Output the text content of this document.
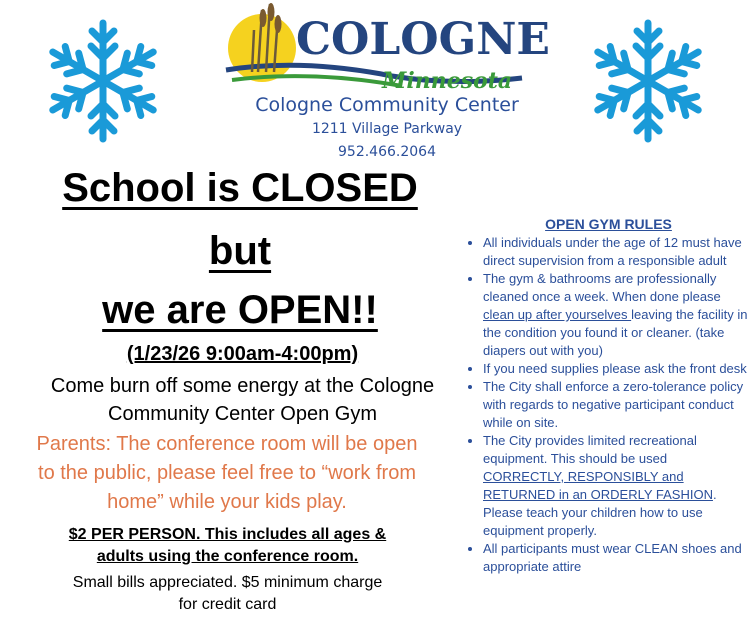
COLOGNE
Minnesota
Cologne Community Center
1211 Village Parkway
952.466.2064
School is CLOSED
but
we are OPEN!!
(1/23/26 9:00am-4:00pm)
Come burn off some energy at the Cologne
Community Center Open Gym
Parents: The conference room will be open
to the public, please feel free to “work from
home” while your kids play.
$2 PER PERSON. This includes all ages &
adults using the conference room.
Small bills appreciated. $5 minimum charge
for credit card
OPEN GYM RULES
• All individuals under the age of 12 must have direct supervision from a responsible adult
• The gym & bathrooms are professionally cleaned once a week. When done please clean up after yourselves leaving the facility in the condition you found it or cleaner. (take diapers out with you)
• If you need supplies please ask the front desk
• The City shall enforce a zero-tolerance policy with regards to negative participant conduct while on site.
• The City provides limited recreational equipment. This should be used CORRECTLY, RESPONSIBLY and RETURNED in an ORDERLY FASHION. Please teach your children how to use equipment properly.
• All participants must wear CLEAN shoes and appropriate attire
